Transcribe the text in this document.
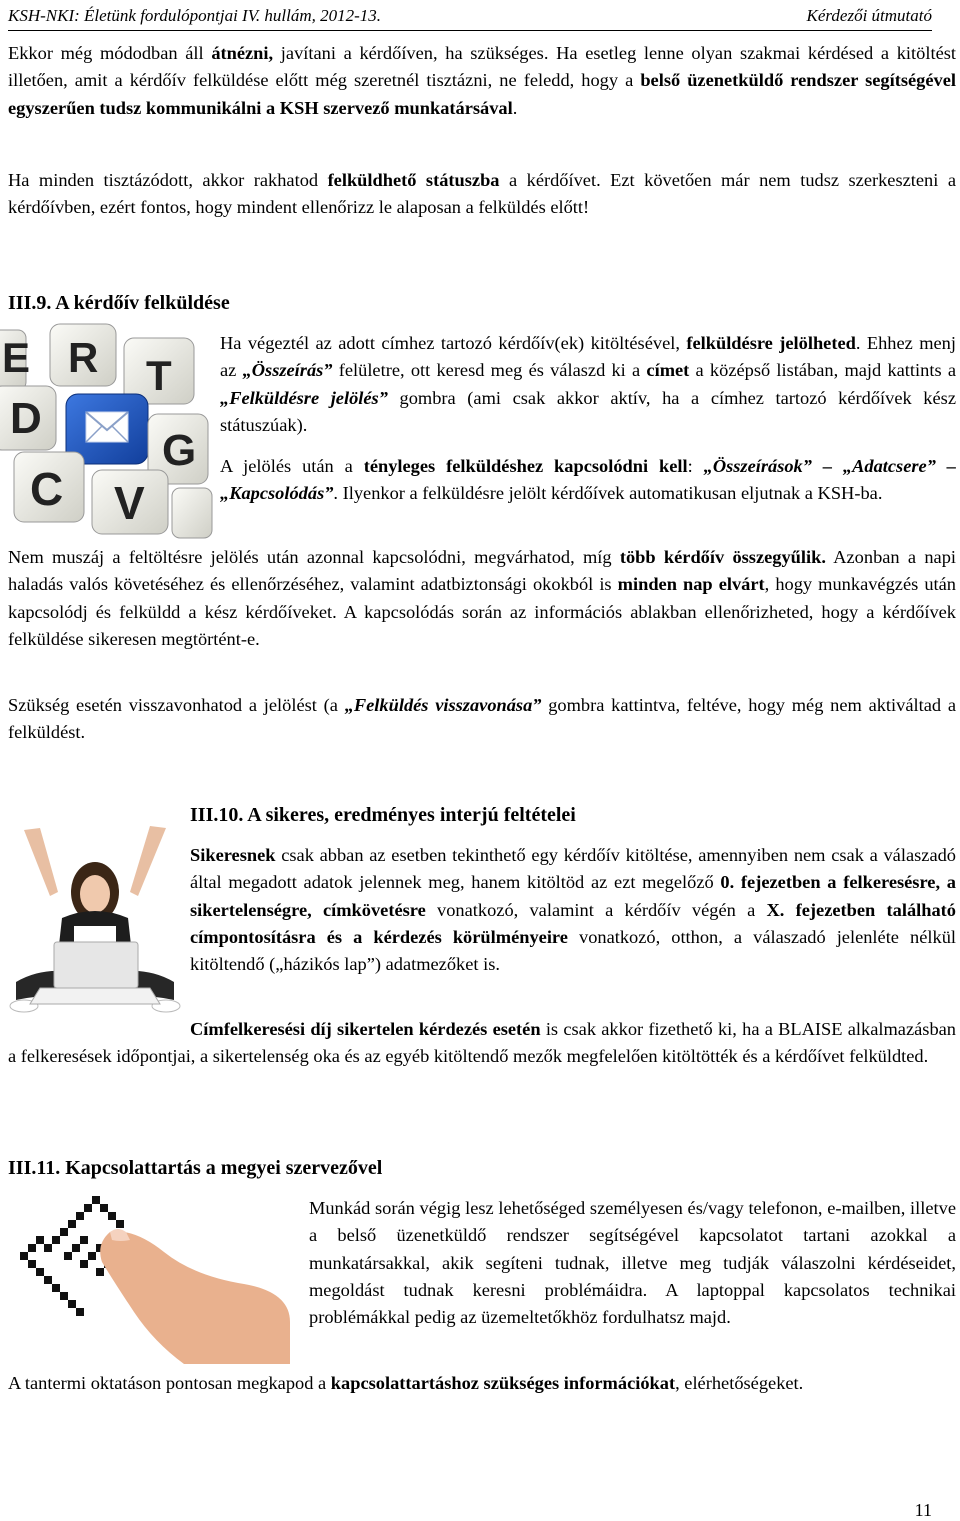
KSH-NKI: Életünk fordulópontjai IV. hullám, 2012-13.	Kérdezői útmutató

Ekkor még módodban áll átnézni, javítani a kérdőíven, ha szükséges. Ha esetleg lenne olyan szakmai kérdésed a kitöltést illetően, amit a kérdőív felküldése előtt még szeretnél tisztázni, ne feledd, hogy a belső üzenetküldő rendszer segítségével egyszerűen tudsz kommunikálni a KSH szervező munkatársával.

Ha minden tisztázódott, akkor rakhatod felküldhető státuszba a kérdőívet. Ezt követően már nem tudsz szerkeszteni a kérdőívben, ezért fontos, hogy mindent ellenőrizz le alaposan a felküldés előtt!

III.9. A kérdőív felküldése
E R T
D
G
C V

Ha végeztél az adott címhez tartozó kérdőív(ek) kitöltésével, felküldésre jelölheted. Ehhez menj az „Összeírás” felületre, ott keresd meg és válaszd ki a címet a középső listában, majd kattints a „Felküldésre jelölés” gombra (ami csak akkor aktív, ha a címhez tartozó kérdőívek kész státuszúak).

A jelölés után a tényleges felküldéshez kapcsolódni kell: „Összeírások” – „Adatcsere” – „Kapcsolódás”. Ilyenkor a felküldésre jelölt kérdőívek automatikusan eljutnak a KSH-ba.

Nem muszáj a feltöltésre jelölés után azonnal kapcsolódni, megvárhatod, míg több kérdőív összegyűlik. Azonban a napi haladás valós követéséhez és ellenőrzéséhez, valamint adatbiztonsági okokból is minden nap elvárt, hogy munkavégzés után kapcsolódj és felküldd a kész kérdőíveket. A kapcsolódás során az információs ablakban ellenőrizheted, hogy a kérdőívek felküldése sikeresen megtörtént-e.

Szükség esetén visszavonhatod a jelölést (a „Felküldés visszavonása” gombra kattintva, feltéve, hogy még nem aktiváltad a felküldést.

III.10. A sikeres, eredményes interjú feltételei

Sikeresnek csak abban az esetben tekinthető egy kérdőív kitöltése, amennyiben nem csak a válaszadó által megadott adatok jelennek meg, hanem kitöltöd az ezt megelőző 0. fejezetben a felkeresésre, a sikertelenségre, címkövetésre vonatkozó, valamint a kérdőív végén a X. fejezetben található címpontosításra és a kérdezés körülményeire vonatkozó, otthon, a válaszadó jelenléte nélkül kitöltendő („házikós lap”) adatmezőket is.

Címfelkeresési díj sikertelen kérdezés esetén is csak akkor fizethető ki, ha a BLAISE alkalmazásban a felkeresések időpontjai, a sikertelenség oka és az egyéb kitöltendő mezők megfelelően kitöltötték és a kérdőívet felküldted.

III.11. Kapcsolattartás a megyei szervezővel

Munkád során végig lesz lehetőséged személyesen és/vagy telefonon, e-mailben, illetve a belső üzenetküldő rendszer segítségével kapcsolatot tartani azokkal a munkatársakkal, akik segíteni tudnak, illetve meg tudják válaszolni kérdéseidet, megoldást tudnak keresni problémáidra. A laptoppal kapcsolatos technikai problémákkal pedig az üzemeltetőkhöz fordulhatsz majd.

A tantermi oktatáson pontosan megkapod a kapcsolattartáshoz szükséges információkat, elérhetőségeket.

11
